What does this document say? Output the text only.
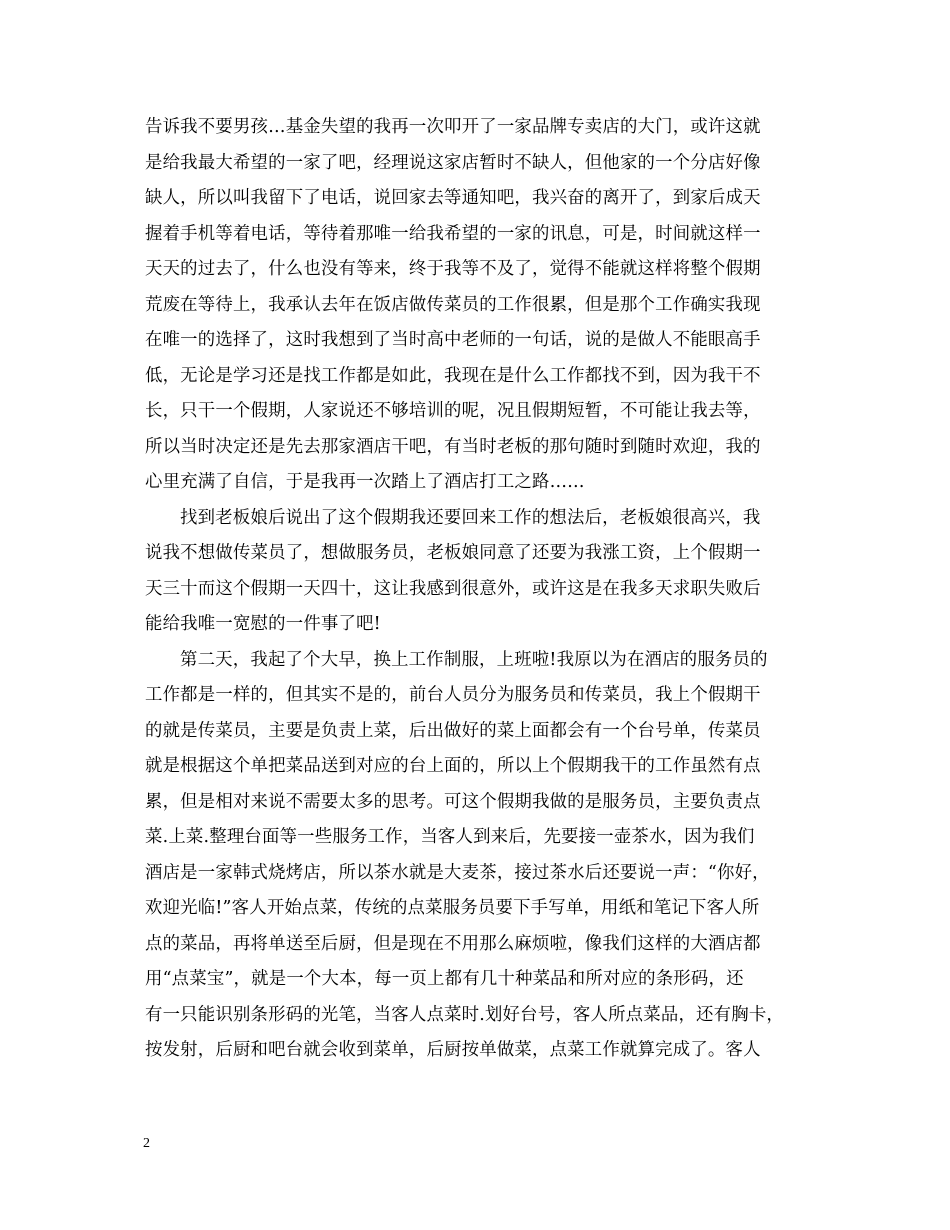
告诉我不要男孩…基金失望的我再一次叩开了一家品牌专卖店的大门，或许这就
是给我最大希望的一家了吧，经理说这家店暂时不缺人，但他家的一个分店好像
缺人，所以叫我留下了电话，说回家去等通知吧，我兴奋的离开了，到家后成天
握着手机等着电话，等待着那唯一给我希望的一家的讯息，可是，时间就这样一
天天的过去了，什么也没有等来，终于我等不及了，觉得不能就这样将整个假期
荒废在等待上，我承认去年在饭店做传菜员的工作很累，但是那个工作确实我现
在唯一的选择了，这时我想到了当时高中老师的一句话，说的是做人不能眼高手
低，无论是学习还是找工作都是如此，我现在是什么工作都找不到，因为我干不
长，只干一个假期，人家说还不够培训的呢，况且假期短暂，不可能让我去等，
所以当时决定还是先去那家酒店干吧，有当时老板的那句随时到随时欢迎，我的
心里充满了自信，于是我再一次踏上了酒店打工之路……
找到老板娘后说出了这个假期我还要回来工作的想法后，老板娘很高兴，我
说我不想做传菜员了，想做服务员，老板娘同意了还要为我涨工资，上个假期一
天三十而这个假期一天四十，这让我感到很意外，或许这是在我多天求职失败后
能给我唯一宽慰的一件事了吧!
第二天，我起了个大早，换上工作制服，上班啦!我原以为在酒店的服务员的
工作都是一样的，但其实不是的，前台人员分为服务员和传菜员，我上个假期干
的就是传菜员，主要是负责上菜，后出做好的菜上面都会有一个台号单，传菜员
就是根据这个单把菜品送到对应的台上面的，所以上个假期我干的工作虽然有点
累，但是相对来说不需要太多的思考。可这个假期我做的是服务员，主要负责点
菜.上菜.整理台面等一些服务工作，当客人到来后，先要接一壶茶水，因为我们
酒店是一家韩式烧烤店，所以茶水就是大麦茶，接过茶水后还要说一声：“你好，
欢迎光临!”客人开始点菜，传统的点菜服务员要下手写单，用纸和笔记下客人所
点的菜品，再将单送至后厨，但是现在不用那么麻烦啦，像我们这样的大酒店都
用“点菜宝”，就是一个大本，每一页上都有几十种菜品和所对应的条形码，还
有一只能识别条形码的光笔，当客人点菜时.划好台号，客人所点菜品，还有胸卡，
按发射，后厨和吧台就会收到菜单，后厨按单做菜，点菜工作就算完成了。客人
2
